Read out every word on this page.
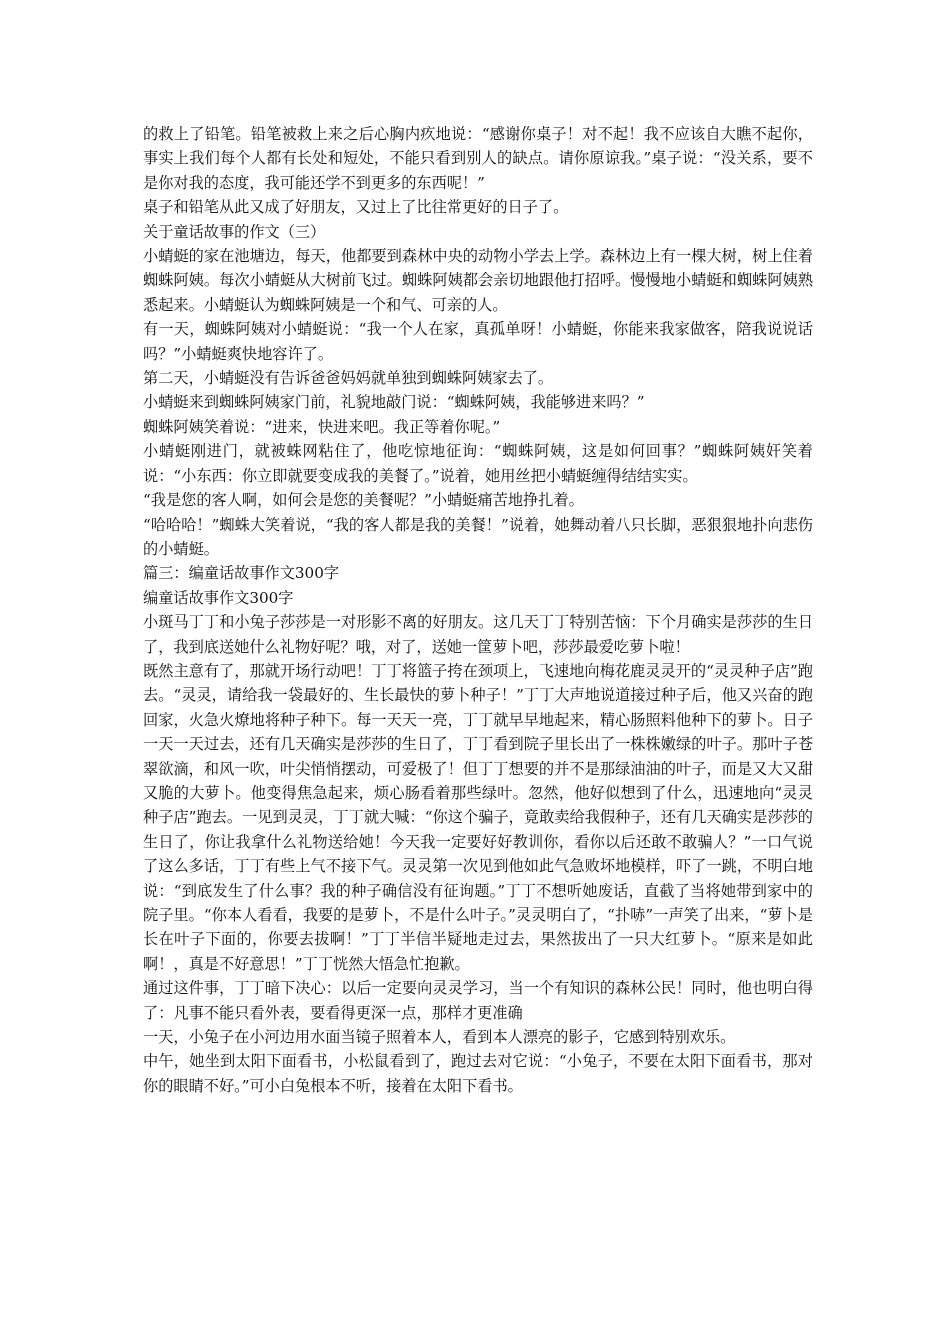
的救上了铅笔。铅笔被救上来之后心胸内疚地说：“感谢你桌子！对不起！我不应该自大瞧不起你，事实上我们每个人都有长处和短处，不能只看到别人的缺点。请你原谅我。”桌子说：“没关系，要不是你对我的态度，我可能还学不到更多的东西呢！”

桌子和铅笔从此又成了好朋友，又过上了比往常更好的日子了。

关于童话故事的作文（三）

小蜻蜓的家在池塘边，每天，他都要到森林中央的动物小学去上学。森林边上有一棵大树，树上住着蜘蛛阿姨。每次小蜻蜓从大树前飞过。蜘蛛阿姨都会亲切地跟他打招呼。慢慢地小蜻蜓和蜘蛛阿姨熟悉起来。小蜻蜓认为蜘蛛阿姨是一个和气、可亲的人。

有一天，蜘蛛阿姨对小蜻蜓说：“我一个人在家，真孤单呀！小蜻蜓，你能来我家做客，陪我说说话吗？”小蜻蜓爽快地容许了。

第二天，小蜻蜓没有告诉爸爸妈妈就单独到蜘蛛阿姨家去了。

小蜻蜓来到蜘蛛阿姨家门前，礼貌地敲门说：“蜘蛛阿姨，我能够进来吗？”

蜘蛛阿姨笑着说：“进来，快进来吧。我正等着你呢。”

小蜻蜓刚进门，就被蛛网粘住了，他吃惊地征询：“蜘蛛阿姨，这是如何回事？”蜘蛛阿姨奸笑着说：“小东西：你立即就要变成我的美餐了。”说着，她用丝把小蜻蜓缠得结结实实。

“我是您的客人啊，如何会是您的美餐呢？”小蜻蜓痛苦地挣扎着。

“哈哈哈！”蜘蛛大笑着说，“我的客人都是我的美餐！”说着，她舞动着八只长脚，恶狠狠地扑向悲伤的小蜻蜓。

篇三：编童话故事作文300字

编童话故事作文300字

小斑马丁丁和小兔子莎莎是一对形影不离的好朋友。这几天丁丁特别苦恼：下个月确实是莎莎的生日了，我到底送她什么礼物好呢？哦，对了，送她一筐萝卜吧，莎莎最爱吃萝卜啦！

既然主意有了，那就开场行动吧！丁丁将篮子挎在颈项上，飞速地向梅花鹿灵灵开的“灵灵种子店”跑去。“灵灵，请给我一袋最好的、生长最快的萝卜种子！”丁丁大声地说道接过种子后，他又兴奋的跑回家，火急火燎地将种子种下。每一天天一亮，丁丁就早早地起来，精心肠照料他种下的萝卜。日子一天一天过去，还有几天确实是莎莎的生日了，丁丁看到院子里长出了一株株嫩绿的叶子。那叶子苍翠欲滴，和风一吹，叶尖悄悄摆动，可爱极了！但丁丁想要的并不是那绿油油的叶子，而是又大又甜又脆的大萝卜。他变得焦急起来，烦心肠看着那些绿叶。忽然，他好似想到了什么，迅速地向“灵灵种子店”跑去。一见到灵灵，丁丁就大喊：“你这个骗子，竟敢卖给我假种子，还有几天确实是莎莎的生日了，你让我拿什么礼物送给她！今天我一定要好好教训你，看你以后还敢不敢骗人？”一口气说了这么多话，丁丁有些上气不接下气。灵灵第一次见到他如此气急败坏地模样，吓了一跳，不明白地说：“到底发生了什么事？我的种子确信没有征询题。”丁丁不想听她废话，直截了当将她带到家中的院子里。“你本人看看，我要的是萝卜，不是什么叶子。”灵灵明白了，“扑哧”一声笑了出来，“萝卜是长在叶子下面的，你要去拔啊！”丁丁半信半疑地走过去，果然拔出了一只大红萝卜。“原来是如此啊！，真是不好意思！”丁丁恍然大悟急忙抱歉。

通过这件事，丁丁暗下决心：以后一定要向灵灵学习，当一个有知识的森林公民！同时，他也明白得了：凡事不能只看外表，要看得更深一点，那样才更准确

一天，小兔子在小河边用水面当镜子照着本人，看到本人漂亮的影子，它感到特别欢乐。

中午，她坐到太阳下面看书，小松鼠看到了，跑过去对它说：“小兔子，不要在太阳下面看书，那对你的眼睛不好。”可小白兔根本不听，接着在太阳下看书。
